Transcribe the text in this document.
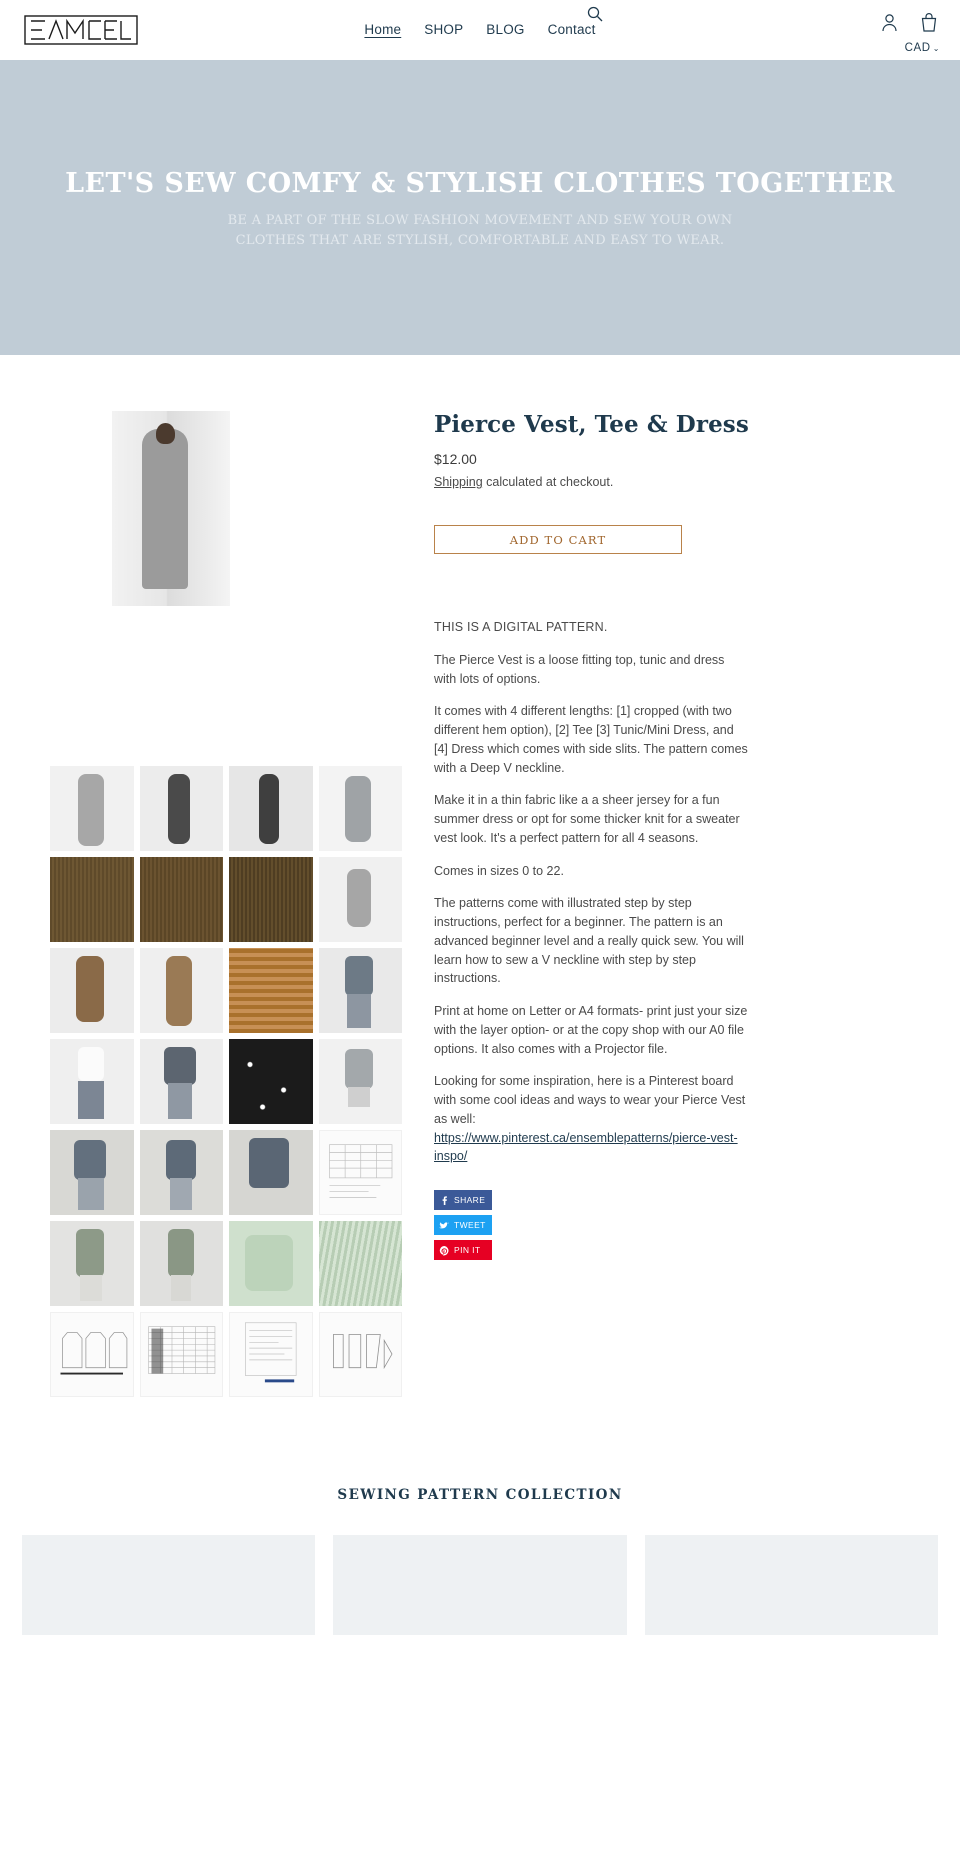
Home SHOP BLOG Contact
CAD ⌄
LET'S SEW COMFY & STYLISH CLOTHES TOGETHER

BE A PART OF THE SLOW FASHION MOVEMENT AND SEW YOUR OWN
CLOTHES THAT ARE STYLISH, COMFORTABLE AND EASY TO WEAR.

Pierce Vest, Tee & Dress
$12.00
Shipping calculated at checkout.
ADD TO CART

THIS IS A DIGITAL PATTERN.

The Pierce Vest is a loose fitting top, tunic and dress with lots of options.

It comes with 4 different lengths: [1] cropped (with two different hem option), [2] Tee [3] Tunic/Mini Dress, and [4] Dress which comes with side slits. The pattern comes with a Deep V neckline.

Make it in a thin fabric like a a sheer jersey for a fun summer dress or opt for some thicker knit for a sweater vest look. It's a perfect pattern for all 4 seasons.

Comes in sizes 0 to 22.

The patterns come with illustrated step by step instructions, perfect for a beginner. The pattern is an advanced beginner level and a really quick sew. You will learn how to sew a V neckline with step by step instructions.

Print at home on Letter or A4 formats- print just your size with the layer option- or at the copy shop with our A0 file options. It also comes with a Projector file.

Looking for some inspiration, here is a Pinterest board with some cool ideas and ways to wear your Pierce Vest as well: https://www.pinterest.ca/ensemblepatterns/pierce-vest-inspo/

SHARE
TWEET
PIN IT
SEWING PATTERN COLLECTION
